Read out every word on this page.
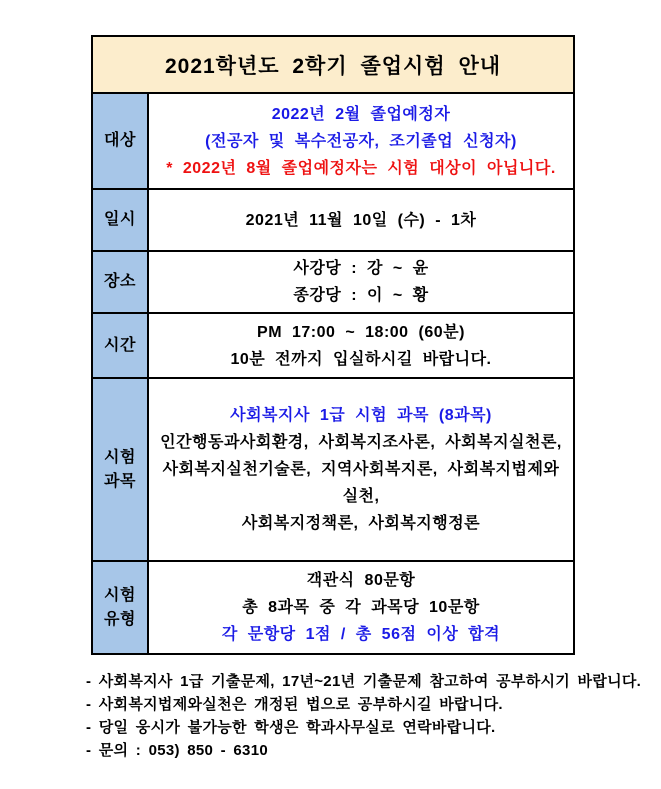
2021학년도 2학기 졸업시험 안내
대상
2022년 2월 졸업예정자
(전공자 및 복수전공자, 조기졸업 신청자)
* 2022년 8월 졸업예정자는 시험 대상이 아닙니다.
일시	2021년 11월 10일 (수) - 1차
장소
사강당 : 강 ~ 윤
종강당 : 이 ~ 황
시간
PM 17:00 ~ 18:00 (60분)
10분 전까지 입실하시길 바랍니다.
시험
과목
사회복지사 1급 시험 과목 (8과목)
인간행동과사회환경, 사회복지조사론, 사회복지실천론,
사회복지실천기술론, 지역사회복지론, 사회복지법제와실천,
사회복지정책론, 사회복지행정론
시험
유형
객관식 80문항
총 8과목 중 각 과목당 10문항
각 문항당 1점 / 총 56점 이상 합격
- 사회복지사 1급 기출문제, 17년~21년 기출문제 참고하여 공부하시기 바랍니다.
- 사회복지법제와실천은 개정된 법으로 공부하시길 바랍니다.
- 당일 웅시가 불가능한 학생은 학과사무실로 연락바랍니다.
- 문의 : 053) 850 - 6310
